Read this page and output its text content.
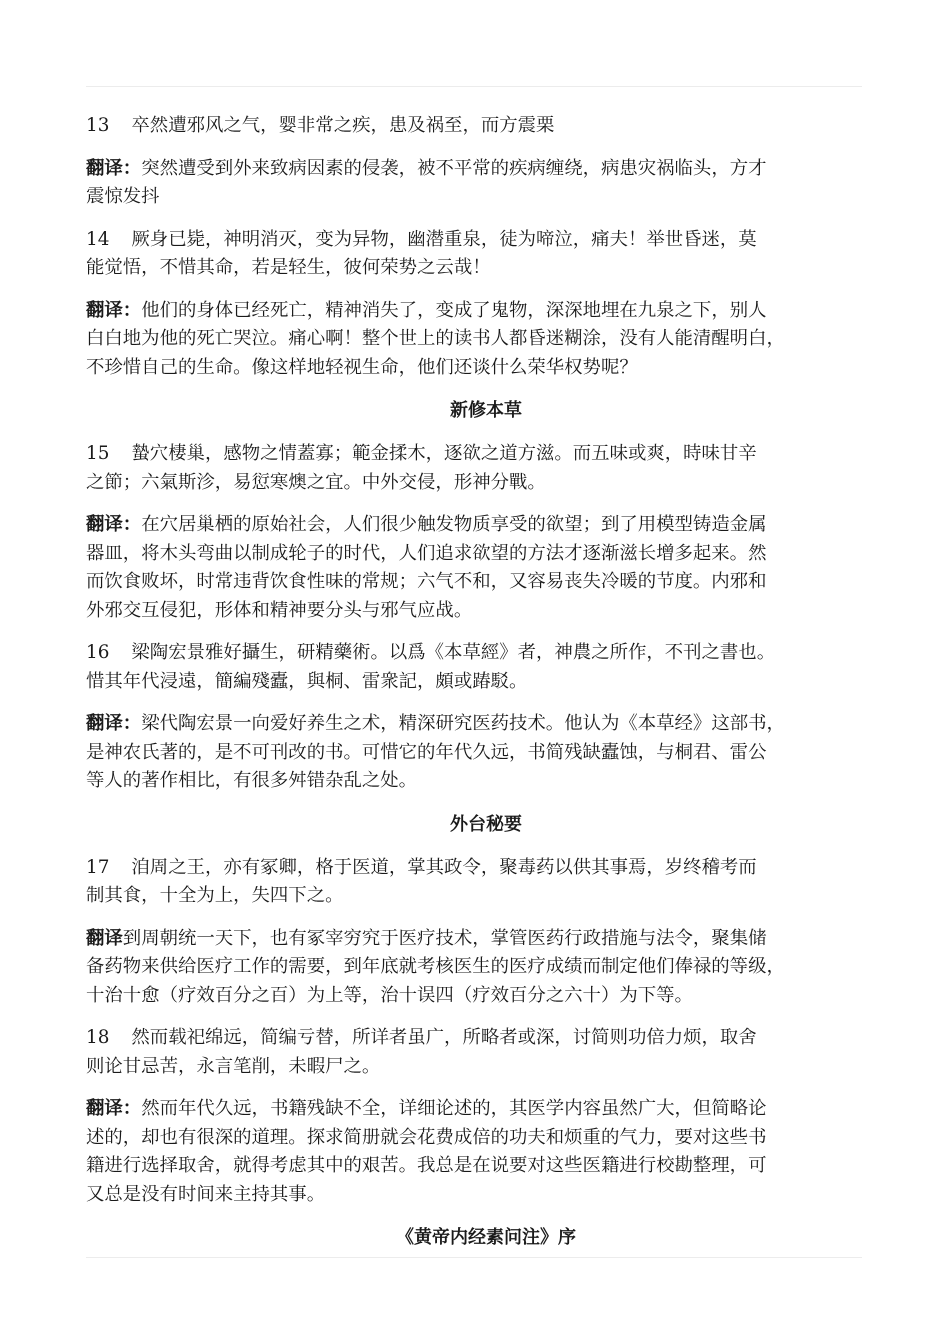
13 卒然遭邪风之气，婴非常之疾，患及祸至，而方震栗

翻译：突然遭受到外来致病因素的侵袭，被不平常的疾病缠绕，病患灾祸临头，方才
震惊发抖

14 厥身已毙，神明消灭，变为异物，幽潜重泉，徒为啼泣，痛夫！举世昏迷，莫
能觉悟，不惜其命，若是轻生，彼何荣势之云哉！

翻译：他们的身体已经死亡，精神消失了，变成了鬼物，深深地埋在九泉之下，别人
白白地为他的死亡哭泣。痛心啊！整个世上的读书人都昏迷糊涂，没有人能清醒明白，
不珍惜自己的生命。像这样地轻视生命，他们还谈什么荣华权势呢？

新修本草

15 蟄穴棲巢，感物之情蓋寡；範金揉木，逐欲之道方滋。而五味或爽，時味甘辛
之節；六氣斯沴，易愆寒燠之宜。中外交侵，形神分戰。

翻译：在穴居巢栖的原始社会，人们很少触发物质享受的欲望；到了用模型铸造金属
器皿，将木头弯曲以制成轮子的时代，人们追求欲望的方法才逐渐滋长增多起来。然
而饮食败坏，时常违背饮食性味的常规；六气不和，又容易丧失冷暖的节度。内邪和
外邪交互侵犯，形体和精神要分头与邪气应战。

16 梁陶宏景雅好攝生，研精藥術。以爲《本草經》者，神農之所作，不刊之書也。
惜其年代浸遠，簡編殘蠹，與桐、雷衆記，頗或踳駁。

翻译：梁代陶宏景一向爱好养生之术，精深研究医药技术。他认为《本草经》这部书，
是神农氏著的，是不可刊改的书。可惜它的年代久远，书简残缺蠹蚀，与桐君、雷公
等人的著作相比，有很多舛错杂乱之处。

外台秘要

17 洎周之王，亦有冢卿，格于医道，掌其政令，聚毒药以供其事焉，岁终稽考而
制其食，十全为上，失四下之。

翻译到周朝统一天下，也有冢宰穷究于医疗技术，掌管医药行政措施与法令，聚集储
备药物来供给医疗工作的需要，到年底就考核医生的医疗成绩而制定他们俸禄的等级，
十治十愈（疗效百分之百）为上等，治十误四（疗效百分之六十）为下等。

18 然而载祀绵远，简编亏替，所详者虽广，所略者或深，讨简则功倍力烦，取舍
则论甘忌苦，永言笔削，未暇尸之。

翻译：然而年代久远，书籍残缺不全，详细论述的，其医学内容虽然广大，但简略论
述的，却也有很深的道理。探求简册就会花费成倍的功夫和烦重的气力，要对这些书
籍进行选择取舍，就得考虑其中的艰苦。我总是在说要对这些医籍进行校勘整理，可
又总是没有时间来主持其事。

《黄帝内经素问注》序
